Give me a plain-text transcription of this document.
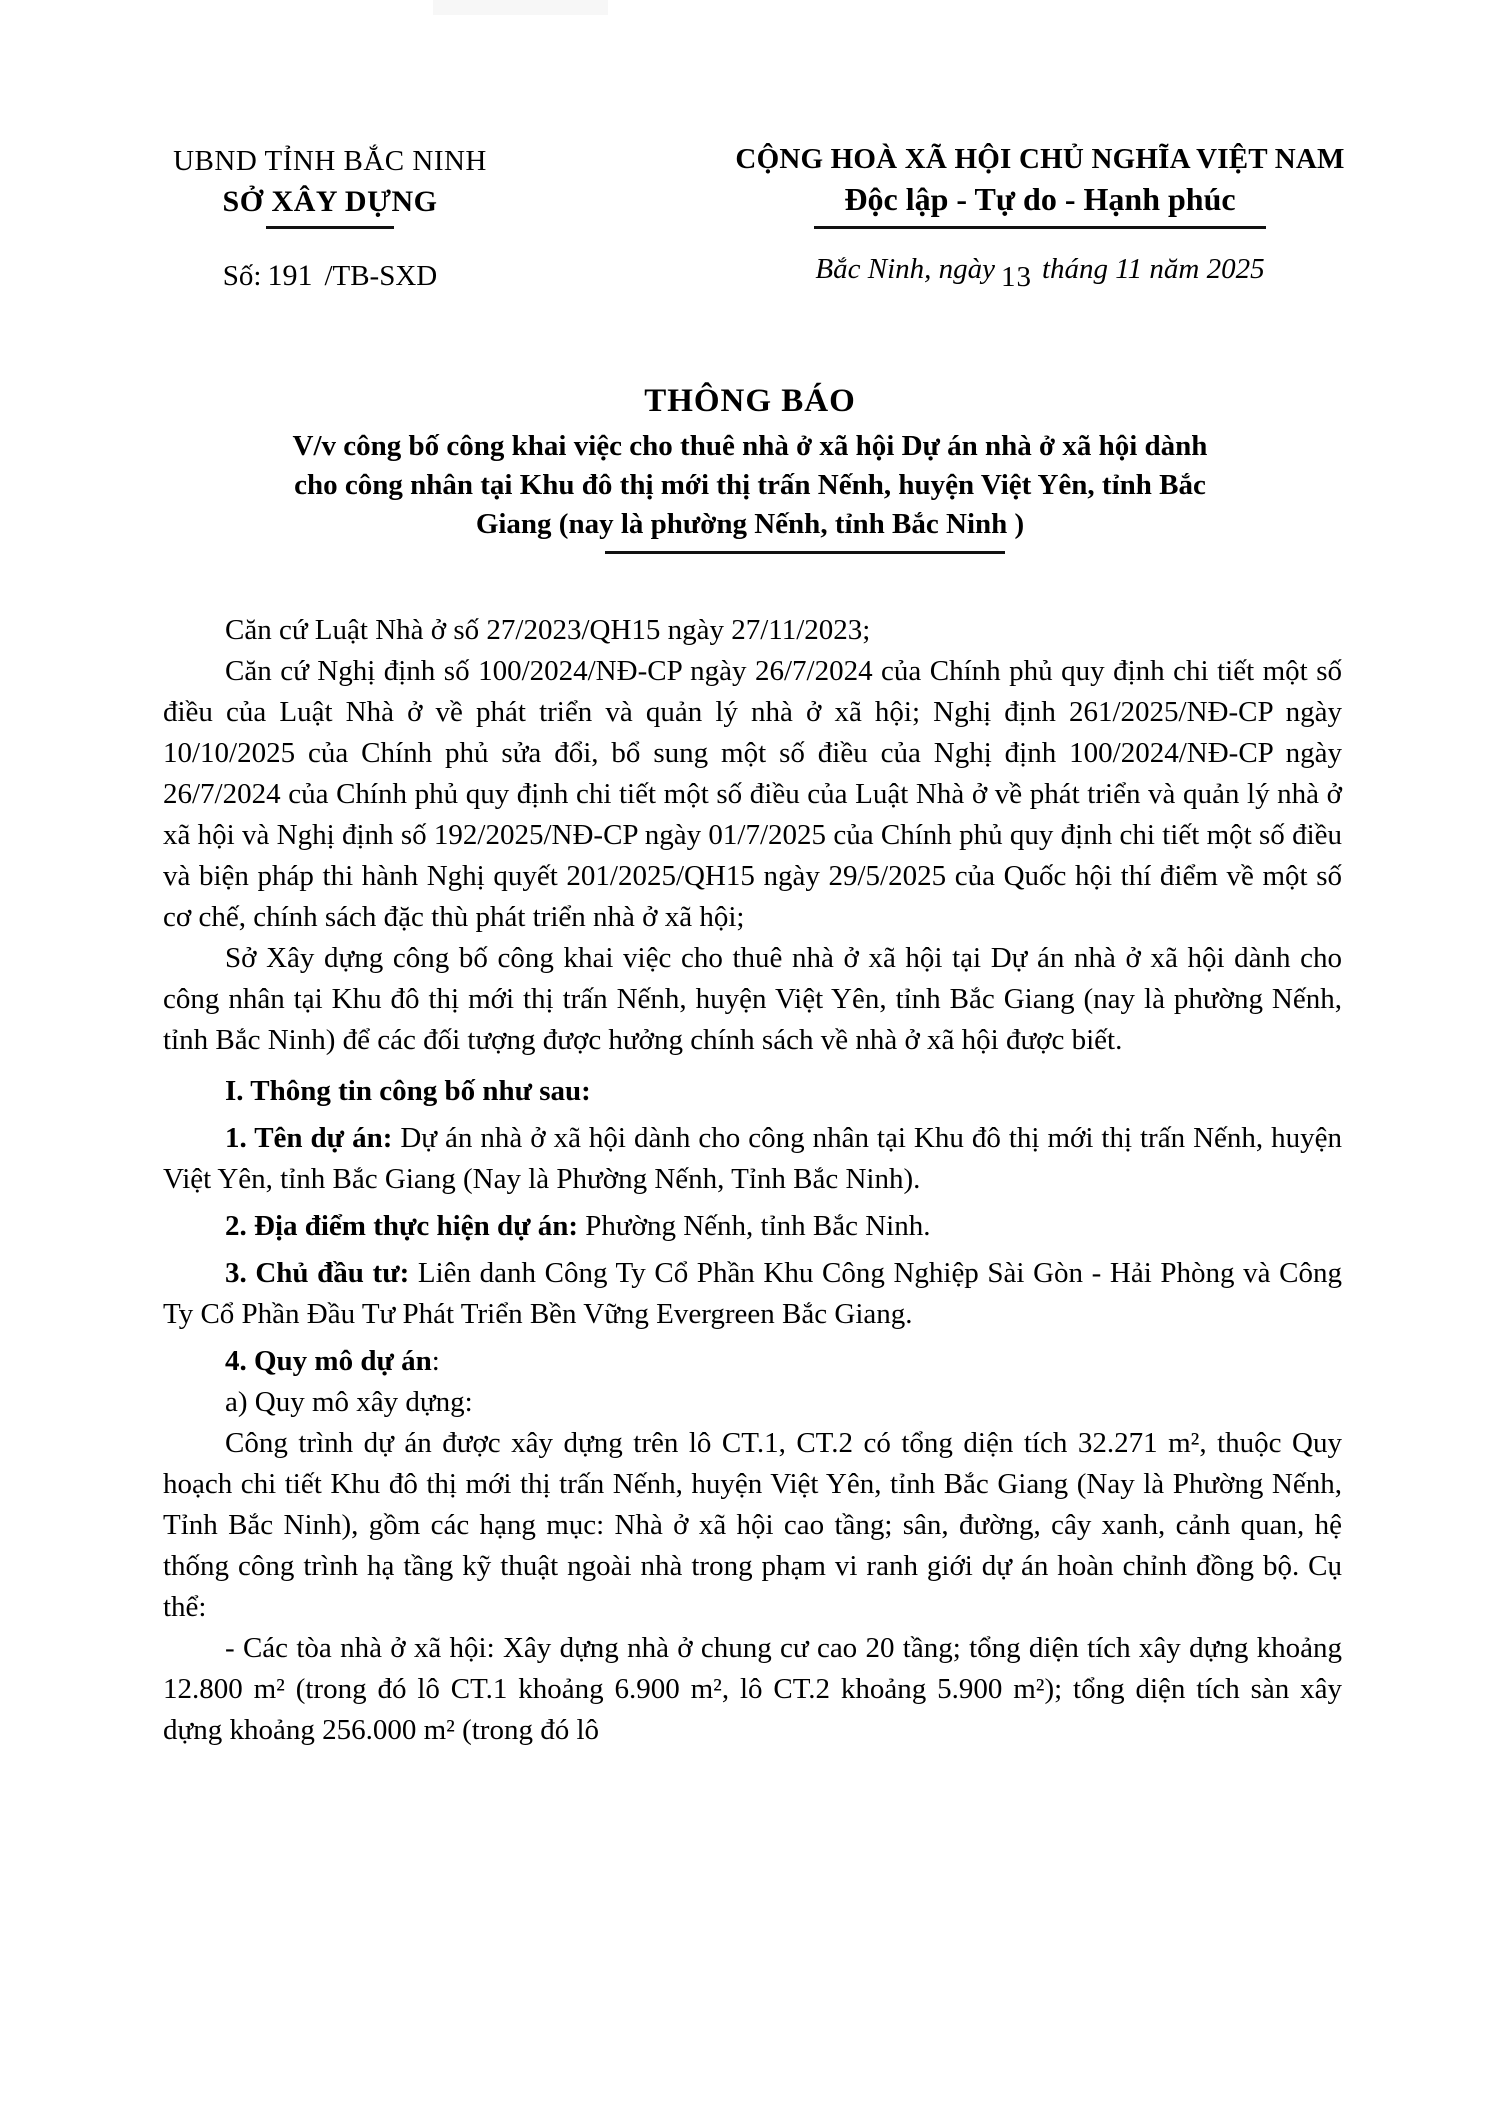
UBND TỈNH BẮC NINH
SỞ XÂY DỰNG
Số: 191 /TB-SXD
CỘNG HOÀ XÃ HỘI CHỦ NGHĨA VIỆT NAM
Độc lập - Tự do - Hạnh phúc
Bắc Ninh, ngày 13 tháng 11 năm 2025
THÔNG BÁO
V/v công bố công khai việc cho thuê nhà ở xã hội Dự án nhà ở xã hội dành
cho công nhân tại Khu đô thị mới thị trấn Nếnh, huyện Việt Yên, tỉnh Bắc
Giang (nay là phường Nếnh, tỉnh Bắc Ninh )

Căn cứ Luật Nhà ở số 27/2023/QH15 ngày 27/11/2023;

Căn cứ Nghị định số 100/2024/NĐ-CP ngày 26/7/2024 của Chính phủ quy định chi tiết một số điều của Luật Nhà ở về phát triển và quản lý nhà ở xã hội; Nghị định 261/2025/NĐ-CP ngày 10/10/2025 của Chính phủ sửa đổi, bổ sung một số điều của Nghị định 100/2024/NĐ-CP ngày 26/7/2024 của Chính phủ quy định chi tiết một số điều của Luật Nhà ở về phát triển và quản lý nhà ở xã hội và Nghị định số 192/2025/NĐ-CP ngày 01/7/2025 của Chính phủ quy định chi tiết một số điều và biện pháp thi hành Nghị quyết 201/2025/QH15 ngày 29/5/2025 của Quốc hội thí điểm về một số cơ chế, chính sách đặc thù phát triển nhà ở xã hội;

Sở Xây dựng công bố công khai việc cho thuê nhà ở xã hội tại Dự án nhà ở xã hội dành cho công nhân tại Khu đô thị mới thị trấn Nếnh, huyện Việt Yên, tỉnh Bắc Giang (nay là phường Nếnh, tỉnh Bắc Ninh) để các đối tượng được hưởng chính sách về nhà ở xã hội được biết.

I. Thông tin công bố như sau:

1. Tên dự án: Dự án nhà ở xã hội dành cho công nhân tại Khu đô thị mới thị trấn Nếnh, huyện Việt Yên, tỉnh Bắc Giang (Nay là Phường Nếnh, Tỉnh Bắc Ninh).

2. Địa điểm thực hiện dự án: Phường Nếnh, tỉnh Bắc Ninh.

3. Chủ đầu tư: Liên danh Công Ty Cổ Phần Khu Công Nghiệp Sài Gòn - Hải Phòng và Công Ty Cổ Phần Đầu Tư Phát Triển Bền Vững Evergreen Bắc Giang.

4. Quy mô dự án:

a) Quy mô xây dựng:

Công trình dự án được xây dựng trên lô CT.1, CT.2 có tổng diện tích 32.271 m², thuộc Quy hoạch chi tiết Khu đô thị mới thị trấn Nếnh, huyện Việt Yên, tỉnh Bắc Giang (Nay là Phường Nếnh, Tỉnh Bắc Ninh), gồm các hạng mục: Nhà ở xã hội cao tầng; sân, đường, cây xanh, cảnh quan, hệ thống công trình hạ tầng kỹ thuật ngoài nhà trong phạm vi ranh giới dự án hoàn chỉnh đồng bộ. Cụ thể:

- Các tòa nhà ở xã hội: Xây dựng nhà ở chung cư cao 20 tầng; tổng diện tích xây dựng khoảng 12.800 m² (trong đó lô CT.1 khoảng 6.900 m², lô CT.2 khoảng 5.900 m²); tổng diện tích sàn xây dựng khoảng 256.000 m² (trong đó lô
